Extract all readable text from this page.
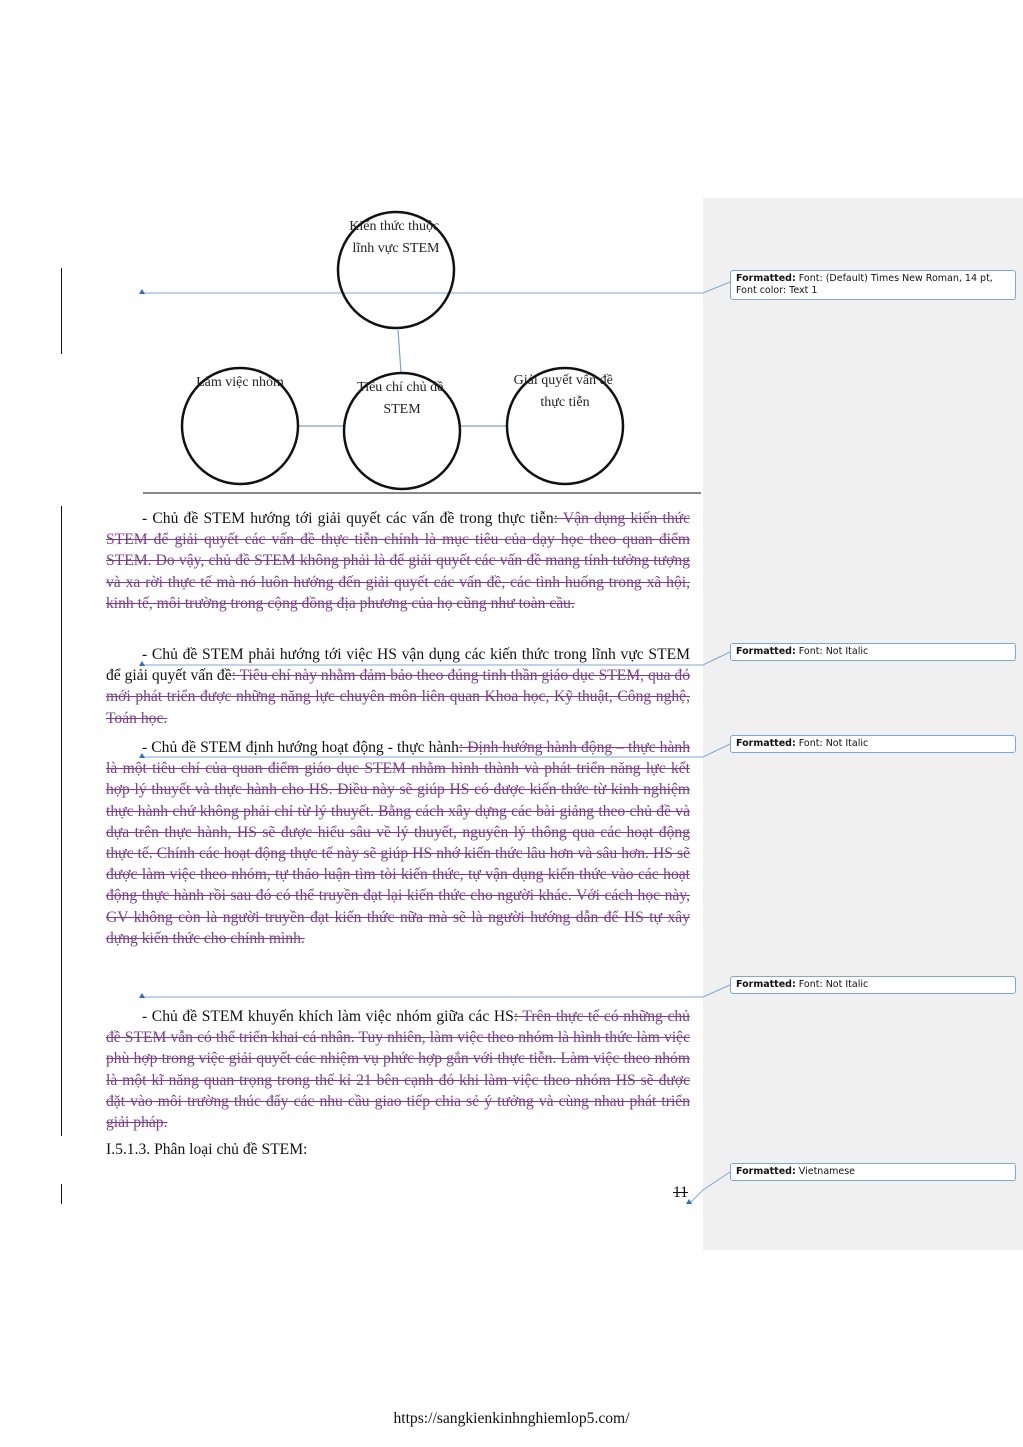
Kiến thức thuộc lĩnh vực STEM
Làm việc nhóm	Tiêu chí chủ đề STEM
Giải quyết vấn đề thực tiễn

- Chủ đề STEM hướng tới giải quyết các vấn đề trong thực tiễn: Vận dụng kiến thức STEM để giải quyết các vấn đề thực tiễn chính là mục tiêu của dạy học theo quan điểm STEM. Do vậy, chủ đề STEM không phải là để giải quyết các vấn đề mang tính tưởng tượng và xa rời thực tế mà nó luôn hướng đến giải quyết các vấn đề, các tình huống trong xã hội, kinh tế, môi trường trong cộng đồng địa phương của họ cũng như toàn cầu.

- Chủ đề STEM phải hướng tới việc HS vận dụng các kiến thức trong lĩnh vực STEM để giải quyết vấn đề: Tiêu chí này nhằm đảm bảo theo đúng tinh thần giáo dục STEM, qua đó mới phát triển được những năng lực chuyên môn liên quan Khoa học, Kỹ thuật, Công nghệ, Toán học.

- Chủ đề STEM định hướng hoạt động - thực hành: Định hướng hành động – thực hành là một tiêu chí của quan điểm giáo dục STEM nhằm hình thành và phát triển năng lực kết hợp lý thuyết và thực hành cho HS. Điều này sẽ giúp HS có được kiến thức từ kinh nghiệm thực hành chứ không phải chỉ từ lý thuyết. Bằng cách xây dựng các bài giảng theo chủ đề và dựa trên thực hành, HS sẽ được hiểu sâu về lý thuyết, nguyên lý thông qua các hoạt động thực tế. Chính các hoạt động thực tế này sẽ giúp HS nhớ kiến thức lâu hơn và sâu hơn. HS sẽ được làm việc theo nhóm, tự thảo luận tìm tòi kiến thức, tự vận dụng kiến thức vào các hoạt động thực hành rồi sau đó có thể truyền đạt lại kiến thức cho người khác. Với cách học này, GV không còn là người truyền đạt kiến thức nữa mà sẽ là người hướng dẫn để HS tự xây dựng kiến thức cho chính mình.

- Chủ đề STEM khuyến khích làm việc nhóm giữa các HS: Trên thực tế có những chủ đề STEM vẫn có thể triển khai cá nhân. Tuy nhiên, làm việc theo nhóm là hình thức làm việc phù hợp trong việc giải quyết các nhiệm vụ phức hợp gắn với thực tiễn. Làm việc theo nhóm là một kĩ năng quan trọng trong thế kỉ 21 bên cạnh đó khi làm việc theo nhóm HS sẽ được đặt vào môi trường thúc đẩy các nhu cầu giao tiếp chia sẻ ý tưởng và cùng nhau phát triển giải pháp.

I.5.1.3. Phân loại chủ đề STEM:
11
https://sangkienkinhnghiemlop5.com/
Formatted: Font: (Default) Times New Roman, 14 pt, Font color: Text 1
Formatted: Font: Not Italic
Formatted: Font: Not Italic
Formatted: Font: Not Italic
Formatted: Vietnamese
